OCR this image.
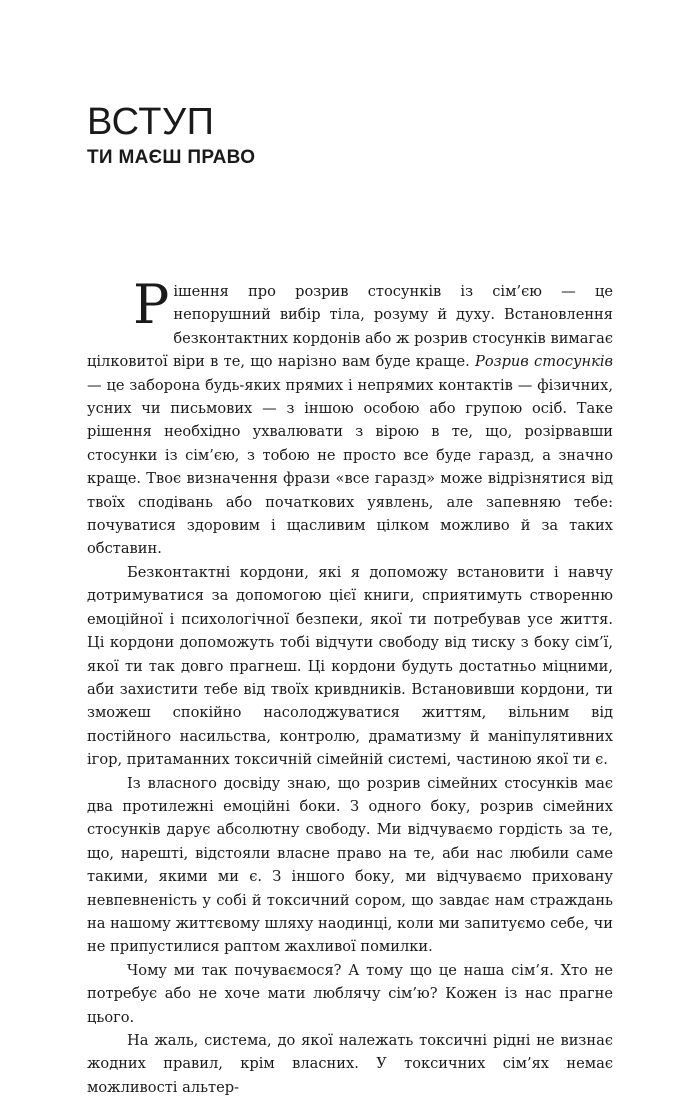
ВСТУП
ТИ МАЄШ ПРАВО

Рішення про розрив стосунків із сім’єю — це непорушний вибір тіла, розуму й духу. Встановлення безконтактних кордонів або ж розрив стосунків вимагає цілковитої віри в те, що нарізно вам буде краще. Розрив стосунків — це заборона будь-яких прямих і непрямих контактів — фізичних, усних чи письмових — з іншою особою або групою осіб. Таке рішення необхідно ухвалювати з вірою в те, що, розірвавши стосунки із сім’єю, з тобою не просто все буде гаразд, а значно краще. Твоє визначення фрази «все гаразд» може відрізнятися від твоїх сподівань або початкових уявлень, але запевняю тебе: почуватися здоровим і щасливим цілком можливо й за таких обставин.

Безконтактні кордони, які я допоможу встановити і навчу дотримуватися за допомогою цієї книги, сприятимуть створенню емоційної і психологічної безпеки, якої ти потребував усе життя. Ці кордони допоможуть тобі відчути свободу від тиску з боку сім’ї, якої ти так довго прагнеш. Ці кордони будуть достатньо міцними, аби захистити тебе від твоїх кривдників. Встановивши кордони, ти зможеш спокійно насолоджуватися життям, вільним від постійного насильства, контролю, драматизму й маніпулятивних ігор, притаманних токсичній сімейній системі, частиною якої ти є.

Із власного досвіду знаю, що розрив сімейних стосунків має два протилежні емоційні боки. З одного боку, розрив сімейних стосунків дарує абсолютну свободу. Ми відчуваємо гордість за те, що, нарешті, відстояли власне право на те, аби нас любили саме такими, якими ми є. З іншого боку, ми відчуваємо приховану невпевненість у собі й токсичний сором, що завдає нам страждань на нашому життєвому шляху наодинці, коли ми запитуємо себе, чи не припустилися раптом жахливої помилки.

Чому ми так почуваємося? А тому що це наша сім’я. Хто не потребує або не хоче мати люблячу сім’ю? Кожен із нас прагне цього.

На жаль, система, до якої належать токсичні рідні не визнає жодних правил, крім власних. У токсичних сім’ях немає можливості альтер-
